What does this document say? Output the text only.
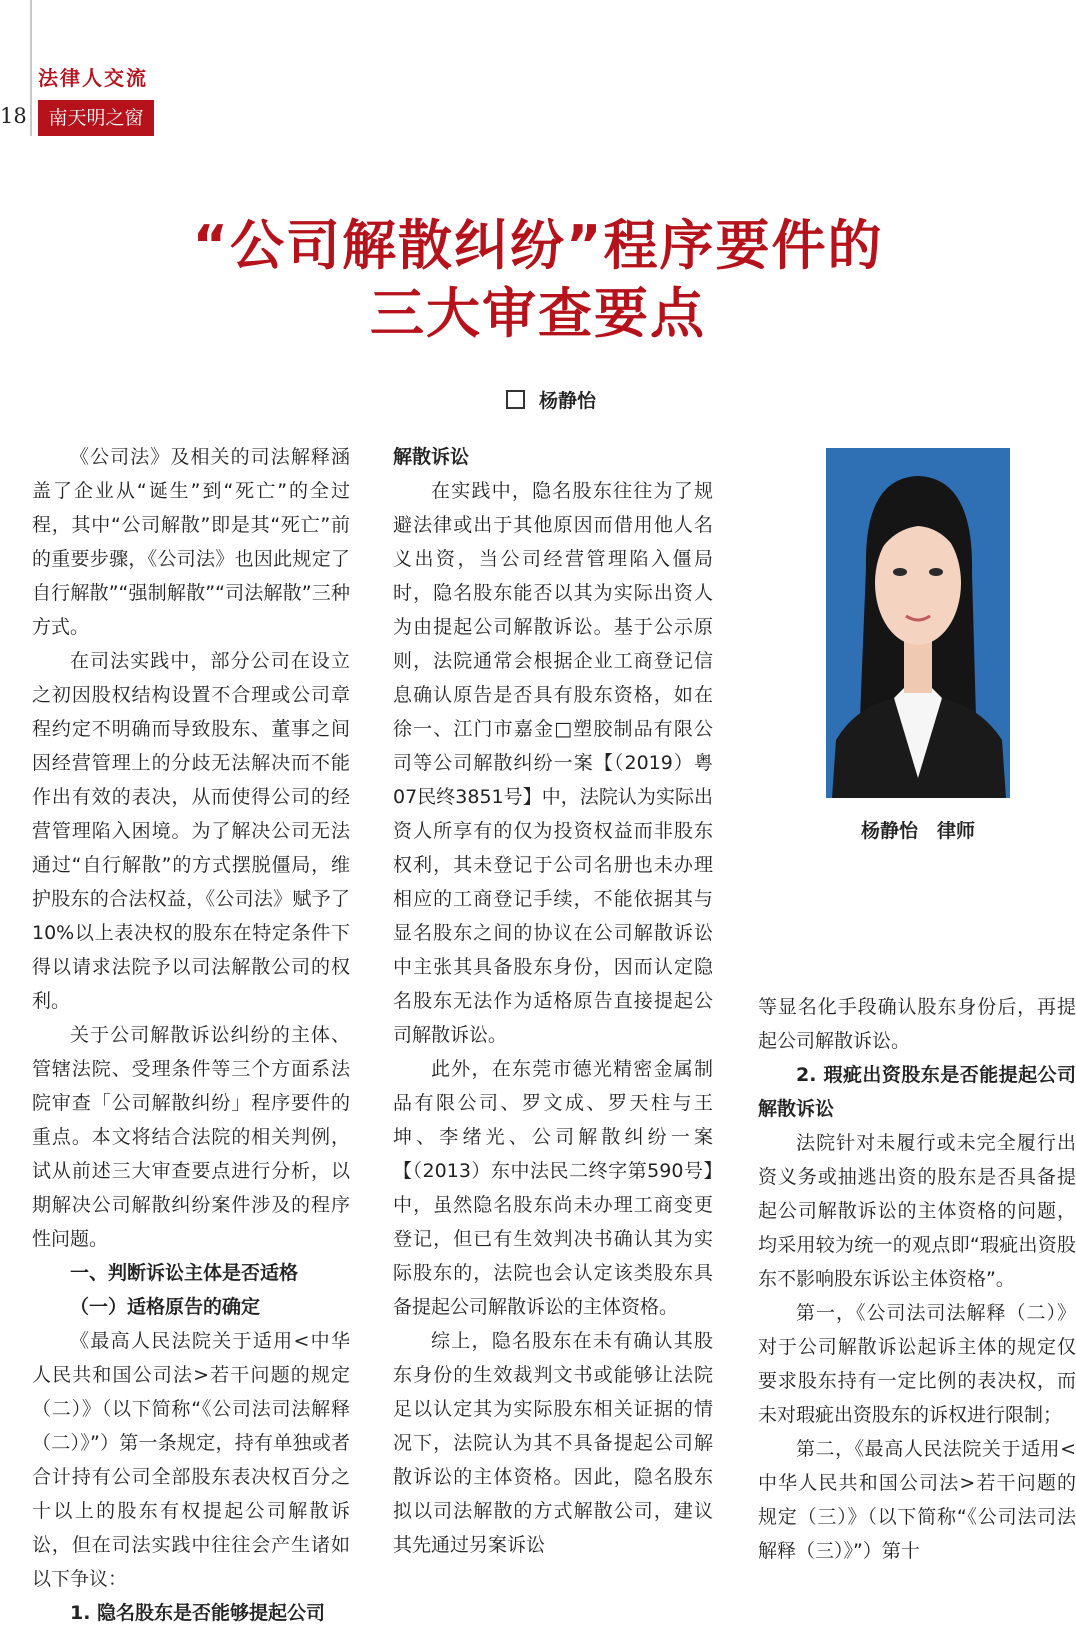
18
法律人交流
南天明之窗
“公司解散纠纷”程序要件的
三大审查要点
杨静怡

《公司法》及相关的司法解释涵盖了企业从“诞生”到“死亡”的全过程，其中“公司解散”即是其“死亡”前的重要步骤，《公司法》也因此规定了自行解散”“强制解散”“司法解散”三种方式。

在司法实践中，部分公司在设立之初因股权结构设置不合理或公司章程约定不明确而导致股东、董事之间因经营管理上的分歧无法解决而不能作出有效的表决，从而使得公司的经营管理陷入困境。为了解决公司无法通过“自行解散”的方式摆脱僵局，维护股东的合法权益，《公司法》赋予了10%以上表决权的股东在特定条件下得以请求法院予以司法解散公司的权利。

关于公司解散诉讼纠纷的主体、管辖法院、受理条件等三个方面系法院审查「公司解散纠纷」程序要件的重点。本文将结合法院的相关判例，试从前述三大审查要点进行分析，以期解决公司解散纠纷案件涉及的程序性问题。

一、判断诉讼主体是否适格

（一）适格原告的确定

《最高人民法院关于适用<中华人民共和国公司法>若干问题的规定（二）》（以下简称“《公司法司法解释（二）》”）第一条规定，持有单独或者合计持有公司全部股东表决权百分之十以上的股东有权提起公司解散诉讼，但在司法实践中往往会产生诸如以下争议：

1. 隐名股东是否能够提起公司

解散诉讼

在实践中，隐名股东往往为了规避法律或出于其他原因而借用他人名义出资，当公司经营管理陷入僵局时，隐名股东能否以其为实际出资人为由提起公司解散诉讼。基于公示原则，法院通常会根据企业工商登记信息确认原告是否具有股东资格，如在徐一、江门市嘉金□塑胶制品有限公司等公司解散纠纷一案【（2019）粤07民终3851号】中，法院认为实际出资人所享有的仅为投资权益而非股东权利，其未登记于公司名册也未办理相应的工商登记手续，不能依据其与显名股东之间的协议在公司解散诉讼中主张其具备股东身份，因而认定隐名股东无法作为适格原告直接提起公司解散诉讼。

此外，在东莞市德光精密金属制品有限公司、罗文成、罗天柱与王坤、李绪光、公司解散纠纷一案【（2013）东中法民二终字第590号】中，虽然隐名股东尚未办理工商变更登记，但已有生效判决书确认其为实际股东的，法院也会认定该类股东具备提起公司解散诉讼的主体资格。

综上，隐名股东在未有确认其股东身份的生效裁判文书或能够让法院足以认定其为实际股东相关证据的情况下，法院认为其不具备提起公司解散诉讼的主体资格。因此，隐名股东拟以司法解散的方式解散公司，建议其先通过另案诉讼

杨静怡　律师

等显名化手段确认股东身份后，再提起公司解散诉讼。

2. 瑕疵出资股东是否能提起公司解散诉讼

法院针对未履行或未完全履行出资义务或抽逃出资的股东是否具备提起公司解散诉讼的主体资格的问题，均采用较为统一的观点即“瑕疵出资股东不影响股东诉讼主体资格”。

第一，《公司法司法解释（二）》对于公司解散诉讼起诉主体的规定仅要求股东持有一定比例的表决权，而未对瑕疵出资股东的诉权进行限制；

第二，《最高人民法院关于适用<中华人民共和国公司法>若干问题的规定（三）》（以下简称“《公司法司法解释（三）》”）第十
